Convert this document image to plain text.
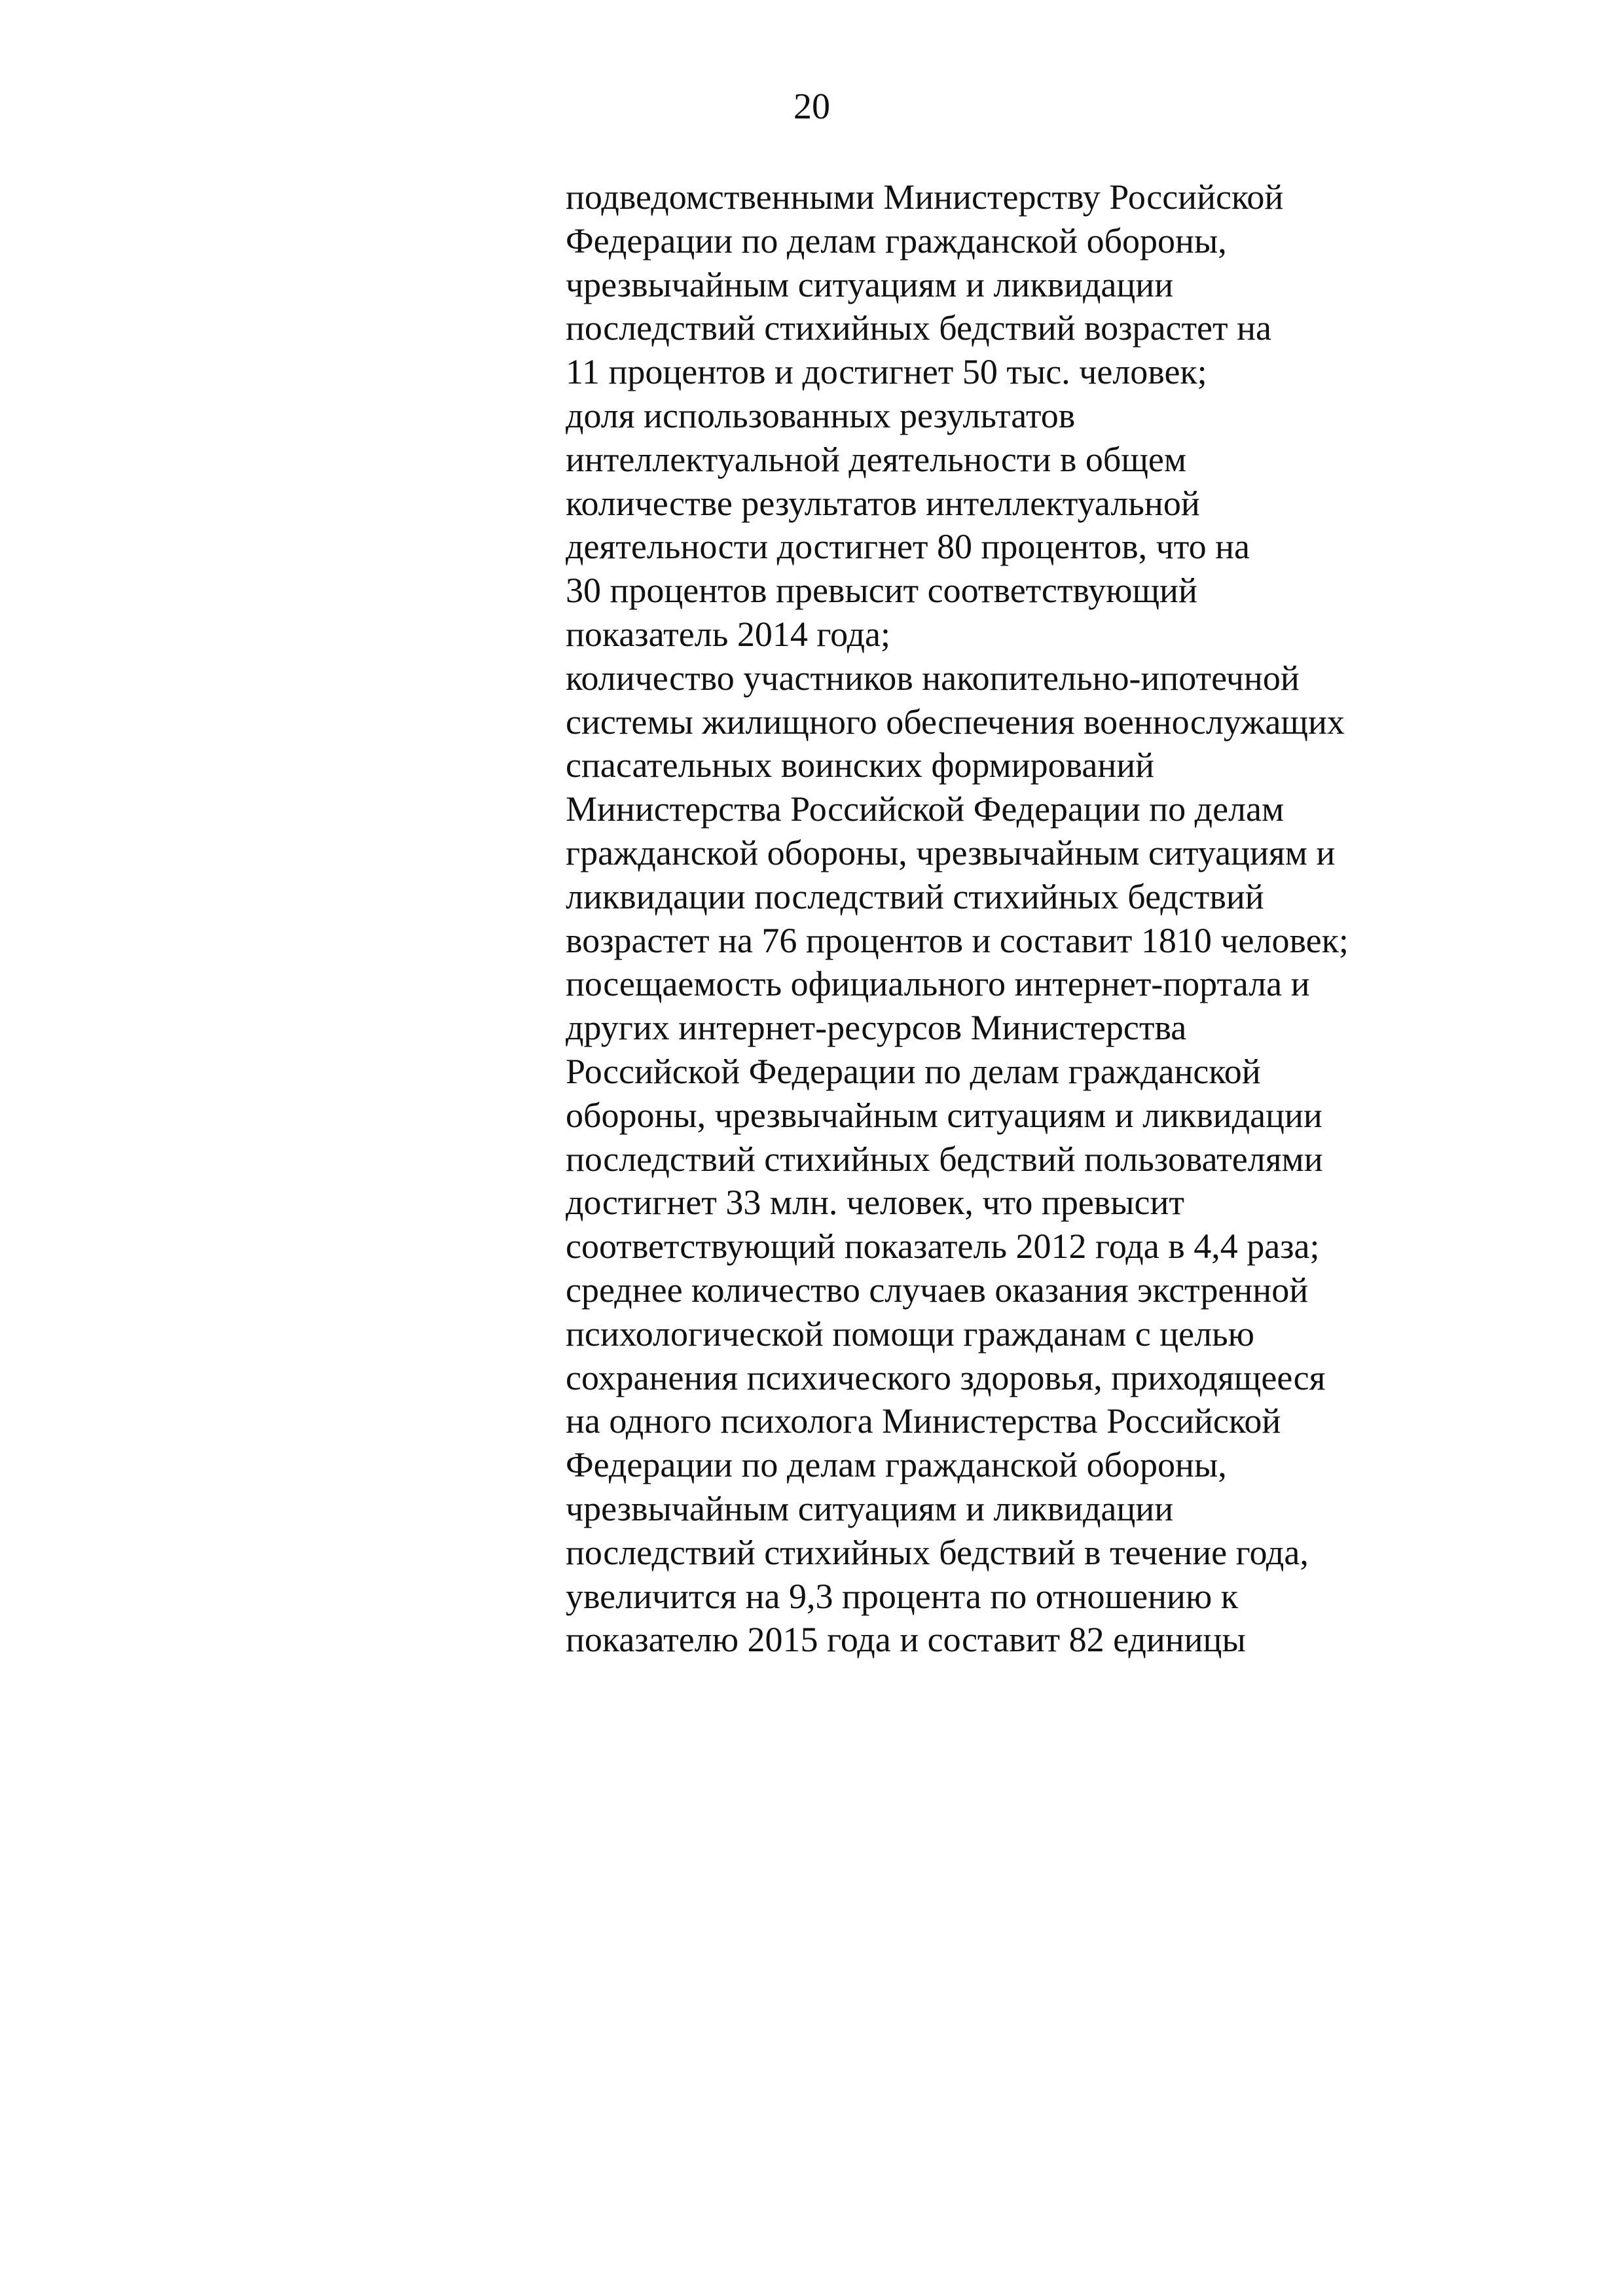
20
подведомственными Министерству Российской
Федерации по делам гражданской обороны,
чрезвычайным ситуациям и ликвидации
последствий стихийных бедствий возрастет на
11 процентов и достигнет 50 тыс. человек;
доля использованных результатов
интеллектуальной деятельности в общем
количестве результатов интеллектуальной
деятельности достигнет 80 процентов, что на
30 процентов превысит соответствующий
показатель 2014 года;
количество участников накопительно-ипотечной
системы жилищного обеспечения военнослужащих
спасательных воинских формирований
Министерства Российской Федерации по делам
гражданской обороны, чрезвычайным ситуациям и
ликвидации последствий стихийных бедствий
возрастет на 76 процентов и составит 1810 человек;
посещаемость официального интернет-портала и
других интернет-ресурсов Министерства
Российской Федерации по делам гражданской
обороны, чрезвычайным ситуациям и ликвидации
последствий стихийных бедствий пользователями
достигнет 33 млн. человек, что превысит
соответствующий показатель 2012 года в 4,4 раза;
среднее количество случаев оказания экстренной
психологической помощи гражданам с целью
сохранения психического здоровья, приходящееся
на одного психолога Министерства Российской
Федерации по делам гражданской обороны,
чрезвычайным ситуациям и ликвидации
последствий стихийных бедствий в течение года,
увеличится на 9,3 процента по отношению к
показателю 2015 года и составит 82 единицы
